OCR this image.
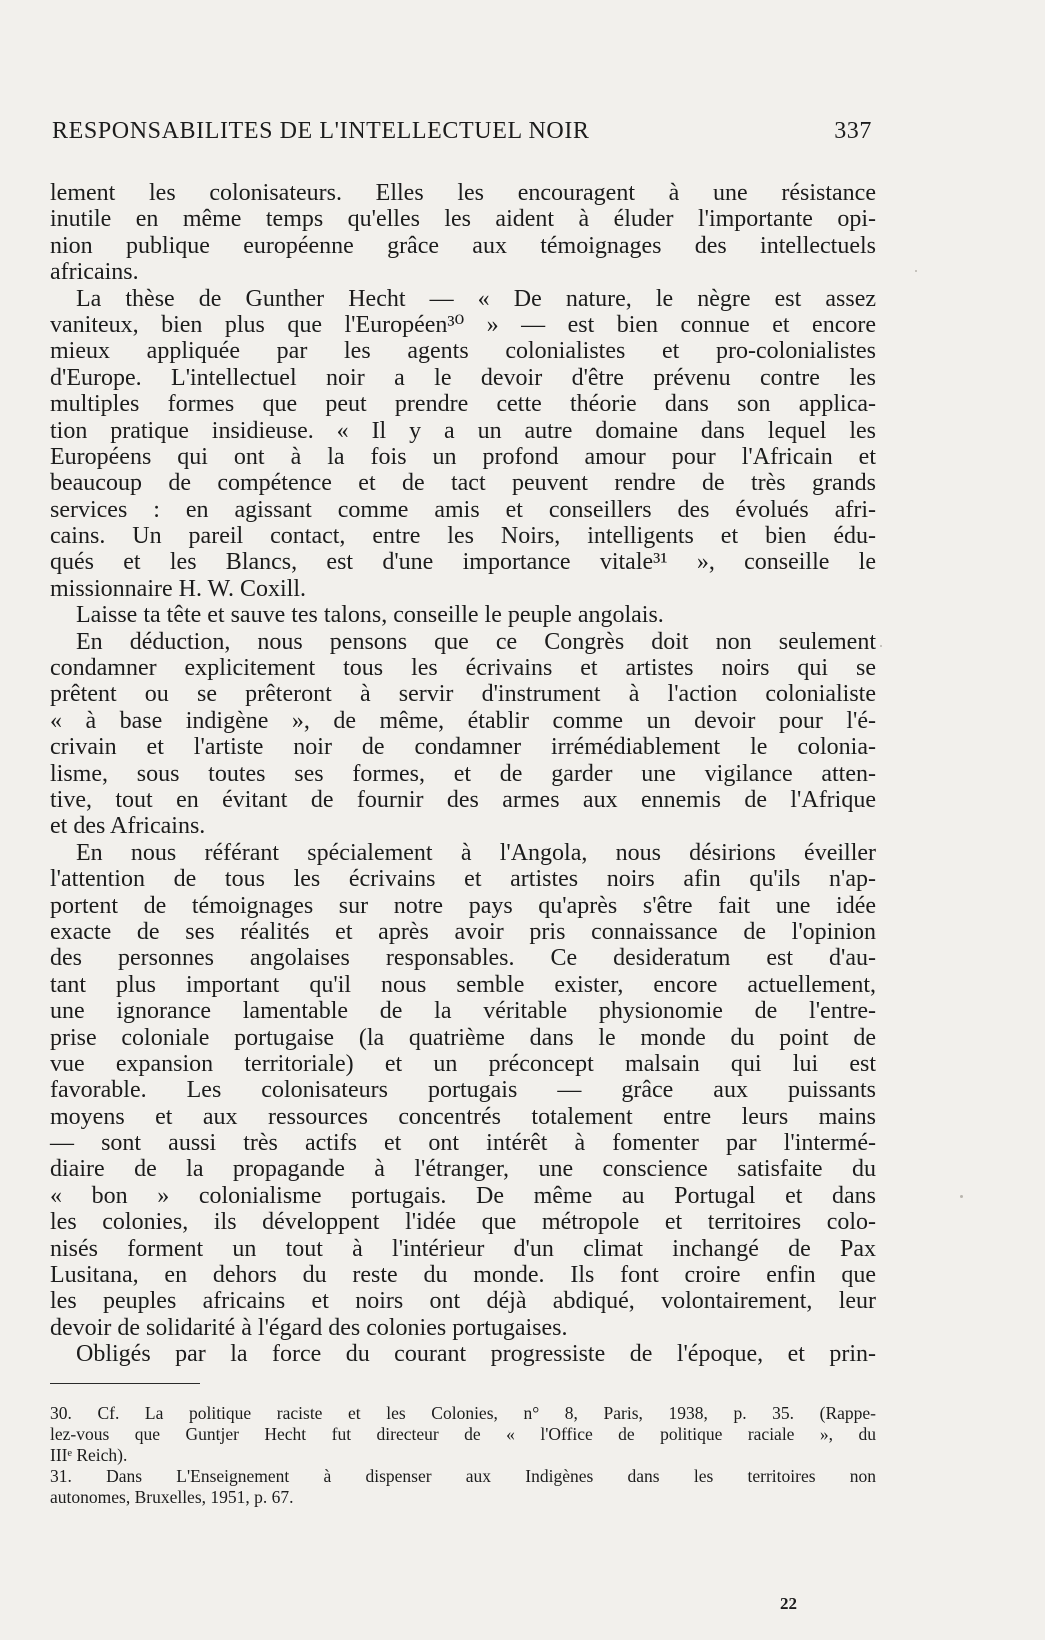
RESPONSABILITES DE L'INTELLECTUEL NOIR	337
lement les colonisateurs. Elles les encouragent à une résistance
inutile en même temps qu'elles les aident à éluder l'importante opi-
nion publique européenne grâce aux témoignages des intellectuels
africains.
La thèse de Gunther Hecht — « De nature, le nègre est assez
vaniteux, bien plus que l'Européen³⁰ » — est bien connue et encore
mieux appliquée par les agents colonialistes et pro-colonialistes
d'Europe. L'intellectuel noir a le devoir d'être prévenu contre les
multiples formes que peut prendre cette théorie dans son applica-
tion pratique insidieuse. « Il y a un autre domaine dans lequel les
Européens qui ont à la fois un profond amour pour l'Africain et
beaucoup de compétence et de tact peuvent rendre de très grands
services : en agissant comme amis et conseillers des évolués afri-
cains. Un pareil contact, entre les Noirs, intelligents et bien édu-
qués et les Blancs, est d'une importance vitale³¹ », conseille le
missionnaire H. W. Coxill.
Laisse ta tête et sauve tes talons, conseille le peuple angolais.
En déduction, nous pensons que ce Congrès doit non seulement
condamner explicitement tous les écrivains et artistes noirs qui se
prêtent ou se prêteront à servir d'instrument à l'action colonialiste
« à base indigène », de même, établir comme un devoir pour l'é-
crivain et l'artiste noir de condamner irrémédiablement le colonia-
lisme, sous toutes ses formes, et de garder une vigilance atten-
tive, tout en évitant de fournir des armes aux ennemis de l'Afrique
et des Africains.
En nous référant spécialement à l'Angola, nous désirions éveiller
l'attention de tous les écrivains et artistes noirs afin qu'ils n'ap-
portent de témoignages sur notre pays qu'après s'être fait une idée
exacte de ses réalités et après avoir pris connaissance de l'opinion
des personnes angolaises responsables. Ce desideratum est d'au-
tant plus important qu'il nous semble exister, encore actuellement,
une ignorance lamentable de la véritable physionomie de l'entre-
prise coloniale portugaise (la quatrième dans le monde du point de
vue expansion territoriale) et un préconcept malsain qui lui est
favorable. Les colonisateurs portugais — grâce aux puissants
moyens et aux ressources concentrés totalement entre leurs mains
— sont aussi très actifs et ont intérêt à fomenter par l'intermé-
diaire de la propagande à l'étranger, une conscience satisfaite du
« bon » colonialisme portugais. De même au Portugal et dans
les colonies, ils développent l'idée que métropole et territoires colo-
nisés forment un tout à l'intérieur d'un climat inchangé de Pax
Lusitana, en dehors du reste du monde. Ils font croire enfin que
les peuples africains et noirs ont déjà abdiqué, volontairement, leur
devoir de solidarité à l'égard des colonies portugaises.
Obligés par la force du courant progressiste de l'époque, et prin-
30. Cf. La politique raciste et les Colonies, n° 8, Paris, 1938, p. 35. (Rappe-
lez-vous que Guntjer Hecht fut directeur de « l'Office de politique raciale », du
IIIᵉ Reich).
31. Dans L'Enseignement à dispenser aux Indigènes dans les territoires non
autonomes, Bruxelles, 1951, p. 67.
22
